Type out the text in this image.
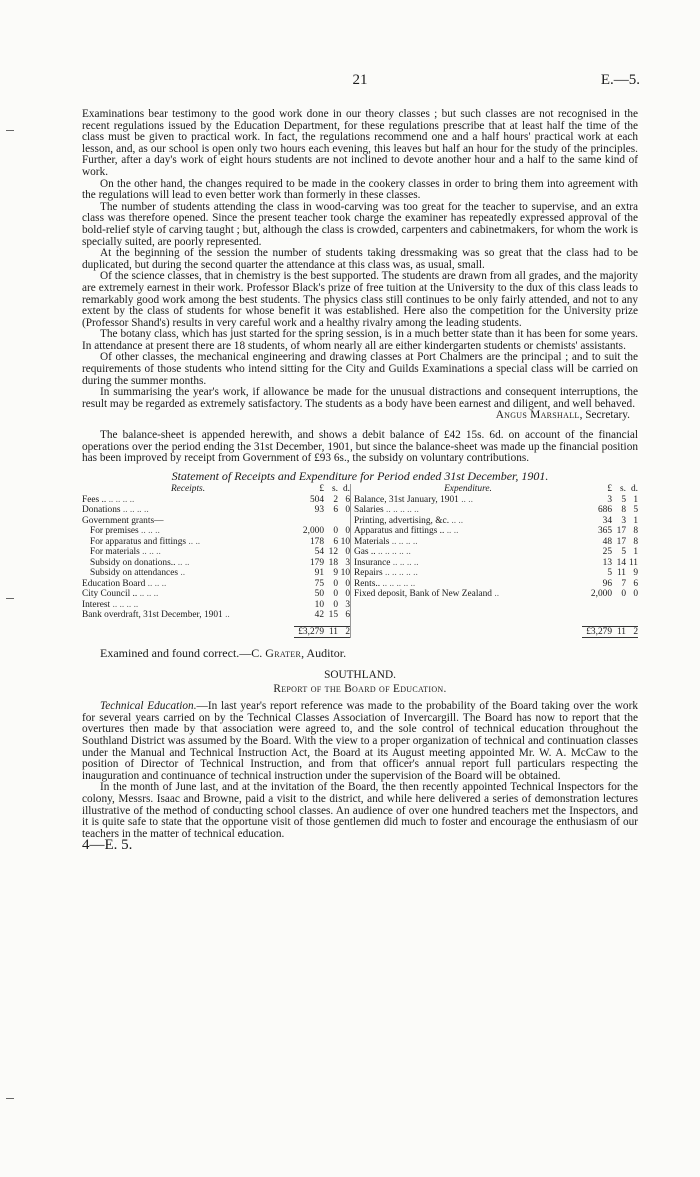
21	E.—5.

Examinations bear testimony to the good work done in our theory classes ; but such classes are not recognised in the recent regulations issued by the Education Department, for these regulations prescribe that at least half the time of the class must be given to practical work. In fact, the regulations recommend one and a half hours' practical work at each lesson, and, as our school is open only two hours each evening, this leaves but half an hour for the study of the principles. Further, after a day's work of eight hours students are not inclined to devote another hour and a half to the same kind of work.

On the other hand, the changes required to be made in the cookery classes in order to bring them into agreement with the regulations will lead to even better work than formerly in these classes.

The number of students attending the class in wood-carving was too great for the teacher to supervise, and an extra class was therefore opened. Since the present teacher took charge the examiner has repeatedly expressed approval of the bold-relief style of carving taught ; but, although the class is crowded, carpenters and cabinetmakers, for whom the work is specially suited, are poorly represented.

At the beginning of the session the number of students taking dressmaking was so great that the class had to be duplicated, but during the second quarter the attendance at this class was, as usual, small.

Of the science classes, that in chemistry is the best supported. The students are drawn from all grades, and the majority are extremely earnest in their work. Professor Black's prize of free tuition at the University to the dux of this class leads to remarkably good work among the best students. The physics class still continues to be only fairly attended, and not to any extent by the class of students for whose benefit it was established. Here also the competition for the University prize (Professor Shand's) results in very careful work and a healthy rivalry among the leading students.

The botany class, which has just started for the spring session, is in a much better state than it has been for some years. In attendance at present there are 18 students, of whom nearly all are either kindergarten students or chemists' assistants.

Of other classes, the mechanical engineering and drawing classes at Port Chalmers are the principal ; and to suit the requirements of those students who intend sitting for the City and Guilds Examinations a special class will be carried on during the summer months.

In summarising the year's work, if allowance be made for the unusual distractions and consequent interruptions, the result may be regarded as extremely satisfactory. The students as a body have been earnest and diligent, and well behaved.

Angus Marshall, Secretary.

The balance-sheet is appended herewith, and shows a debit balance of £42 15s. 6d. on account of the financial operations over the period ending the 31st December, 1901, but since the balance-sheet was made up the financial position has been improved by receipt from Government of £93 6s., the subsidy on voluntary contributions.

Statement of Receipts and Expenditure for Period ended 31st December, 1901.

Receipts.	£ s. d.
Fees .. .. .. .. ..	504 2 6
Donations .. .. .. ..	93 6 0
Government grants—
For premises .. .. ..	2,000 0 0
For apparatus and fittings .. ..	178 6 10
For materials .. .. ..	54 12 0
Subsidy on donations.. .. ..	179 18 3
Subsidy on attendances ..	91 9 10
Education Board .. .. ..	75 0 0
City Council .. .. .. ..	50 0 0
Interest .. .. .. ..	10 0 3
Bank overdraft, 31st December, 1901 ..	42 15 6
£3,279 11 2
Expenditure.	£ s. d.
Balance, 31st January, 1901 .. ..	3 5 1
Salaries .. .. .. .. ..	686 8 5
Printing, advertising, &c. .. ..	34 3 1
Apparatus and fittings .. .. ..	365 17 8
Materials .. .. .. ..	48 17 8
Gas .. .. .. .. .. ..	25 5 1
Insurance .. .. .. ..	13 14 11
Repairs .. .. .. .. ..	5 11 9
Rents.. .. .. .. .. ..	96 7 6
Fixed deposit, Bank of New Zealand ..	2,000 0 0
£3,279 11 2

Examined and found correct.—C. Grater, Auditor.

SOUTHLAND.

Report of the Board of Education.

Technical Education.—In last year's report reference was made to the probability of the Board taking over the work for several years carried on by the Technical Classes Association of Invercargill. The Board has now to report that the overtures then made by that association were agreed to, and the sole control of technical education throughout the Southland District was assumed by the Board. With the view to a proper organization of technical and continuation classes under the Manual and Technical Instruction Act, the Board at its August meeting appointed Mr. W. A. McCaw to the position of Director of Technical Instruction, and from that officer's annual report full particulars respecting the inauguration and continuance of technical instruction under the supervision of the Board will be obtained.

In the month of June last, and at the invitation of the Board, the then recently appointed Technical Inspectors for the colony, Messrs. Isaac and Browne, paid a visit to the district, and while here delivered a series of demonstration lectures illustrative of the method of conducting school classes. An audience of over one hundred teachers met the Inspectors, and it is quite safe to state that the opportune visit of those gentlemen did much to foster and encourage the enthusiasm of our teachers in the matter of technical education.

4—E. 5.
